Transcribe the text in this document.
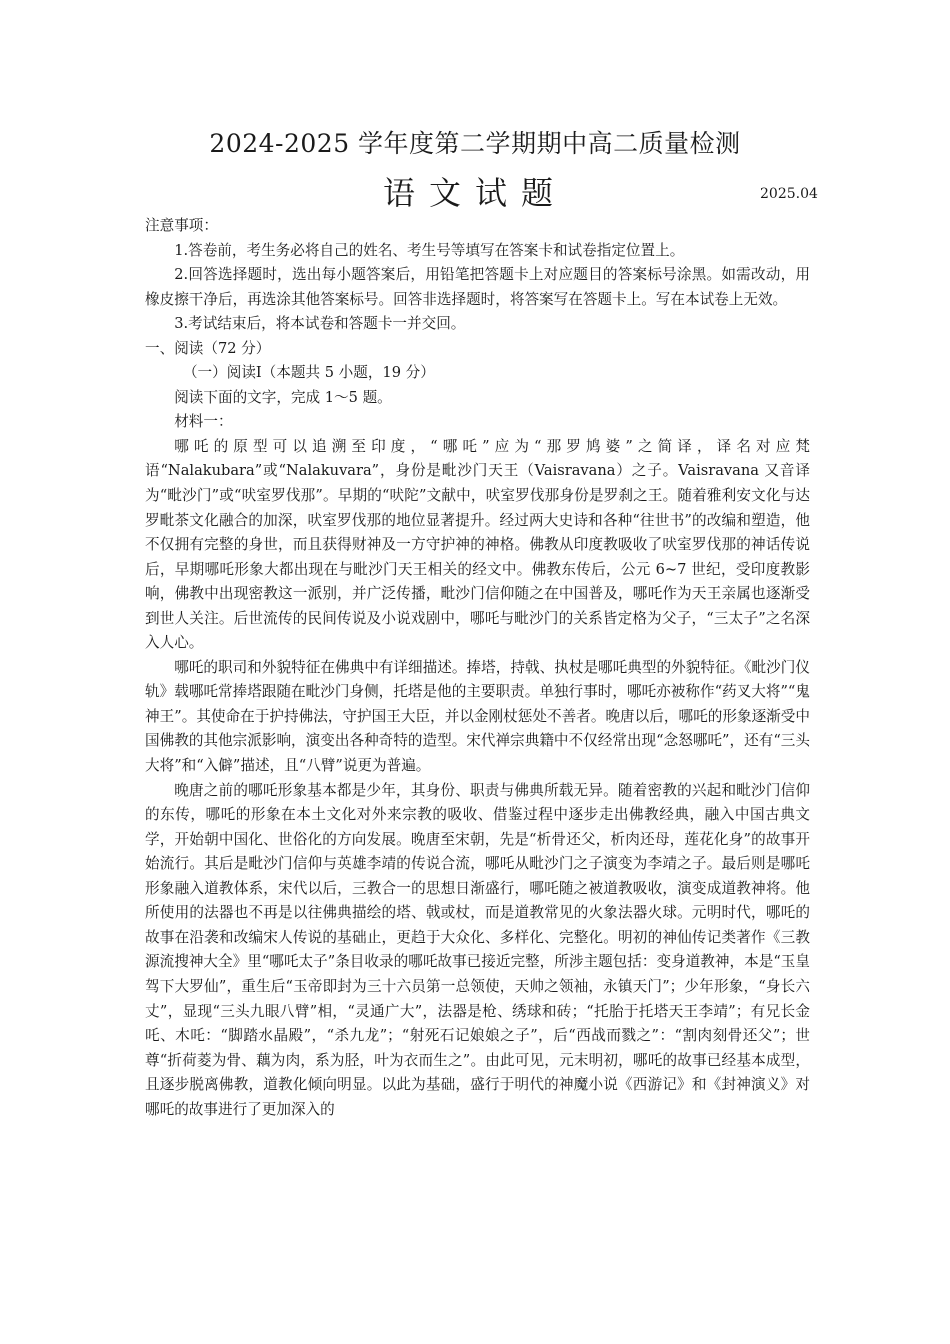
2024-2025 学年度第二学期期中高二质量检测
语文试题	2025.04

注意事项：

1.答卷前，考生务必将自己的姓名、考生号等填写在答案卡和试卷指定位置上。

2.回答选择题时，选出每小题答案后，用铅笔把答题卡上对应题目的答案标号涂黑。如需改动，用橡皮擦干净后，再选涂其他答案标号。回答非选择题时，将答案写在答题卡上。写在本试卷上无效。

3.考试结束后，将本试卷和答题卡一并交回。

一、阅读（72 分）

（一）阅读Ⅰ（本题共 5 小题，19 分）

阅读下面的文字，完成 1～5 题。

材料一：

哪吒的原型可以追溯至印度，“哪吒”应为“那罗鸠婆”之简译，译名对应梵语“Nalakubara”或“Nalakuvara”，身份是毗沙门天王（Vaisravana）之子。Vaisravana 又音译为“毗沙门”或“吠室罗伐那”。早期的“吠陀”文献中，吠室罗伐那身份是罗刹之王。随着雅利安文化与达罗毗茶文化融合的加深，吠室罗伐那的地位显著提升。经过两大史诗和各种“往世书”的改编和塑造，他不仅拥有完整的身世，而且获得财神及一方守护神的神格。佛教从印度教吸收了吠室罗伐那的神话传说后，早期哪吒形象大都出现在与毗沙门天王相关的经文中。佛教东传后，公元 6~7 世纪，受印度教影响，佛教中出现密教这一派别，并广泛传播，毗沙门信仰随之在中国普及，哪吒作为天王亲属也逐渐受到世人关注。后世流传的民间传说及小说戏剧中，哪吒与毗沙门的关系皆定格为父子，“三太子”之名深入人心。

哪吒的职司和外貌特征在佛典中有详细描述。捧塔，持戟、执杖是哪吒典型的外貌特征。《毗沙门仪轨》载哪吒常捧塔跟随在毗沙门身侧，托塔是他的主要职责。单独行事时，哪吒亦被称作“药叉大将”“鬼神王”。其使命在于护持佛法，守护国王大臣，并以金刚杖惩处不善者。晚唐以后，哪吒的形象逐渐受中国佛教的其他宗派影响，演变出各种奇特的造型。宋代禅宗典籍中不仅经常出现“念怒哪吒”，还有“三头大将”和“入僻”描述，且“八臂”说更为普遍。

晚唐之前的哪吒形象基本都是少年，其身份、职责与佛典所载无异。随着密教的兴起和毗沙门信仰的东传，哪吒的形象在本土文化对外来宗教的吸收、借鉴过程中逐步走出佛教经典，融入中国古典文学，开始朝中国化、世俗化的方向发展。晚唐至宋朝，先是“析骨还父，析肉还母，莲花化身”的故事开始流行。其后是毗沙门信仰与英雄李靖的传说合流，哪吒从毗沙门之子演变为李靖之子。最后则是哪吒形象融入道教体系，宋代以后，三教合一的思想日渐盛行，哪吒随之被道教吸收，演变成道教神将。他所使用的法器也不再是以往佛典描绘的塔、戟或杖，而是道教常见的火象法器火球。元明时代，哪吒的故事在沿袭和改编宋人传说的基础止，更趋于大众化、多样化、完整化。明初的神仙传记类著作《三教源流搜神大全》里“哪吒太子”条目收录的哪吒故事已接近完整，所涉主题包括：变身道教神，本是“玉皇驾下大罗仙”，重生后“玉帝即封为三十六员第一总领使，天帅之领袖，永镇天门”；少年形象，“身长六丈”，显现“三头九眼八臂”相，“灵通广大”，法器是枪、绣球和砖；“托胎于托塔天王李靖”；有兄长金吒、木吒：“脚踏水晶殿”，“杀九龙”；“射死石记娘娘之子”，后“西战而戮之”：“割肉刻骨还父”；世尊“折荷菱为骨、藕为肉，系为胫，叶为衣而生之”。由此可见，元末明初，哪吒的故事已经基本成型，且逐步脱离佛教，道教化倾向明显。以此为基础，盛行于明代的神魔小说《西游记》和《封神演义》对哪吒的故事进行了更加深入的
